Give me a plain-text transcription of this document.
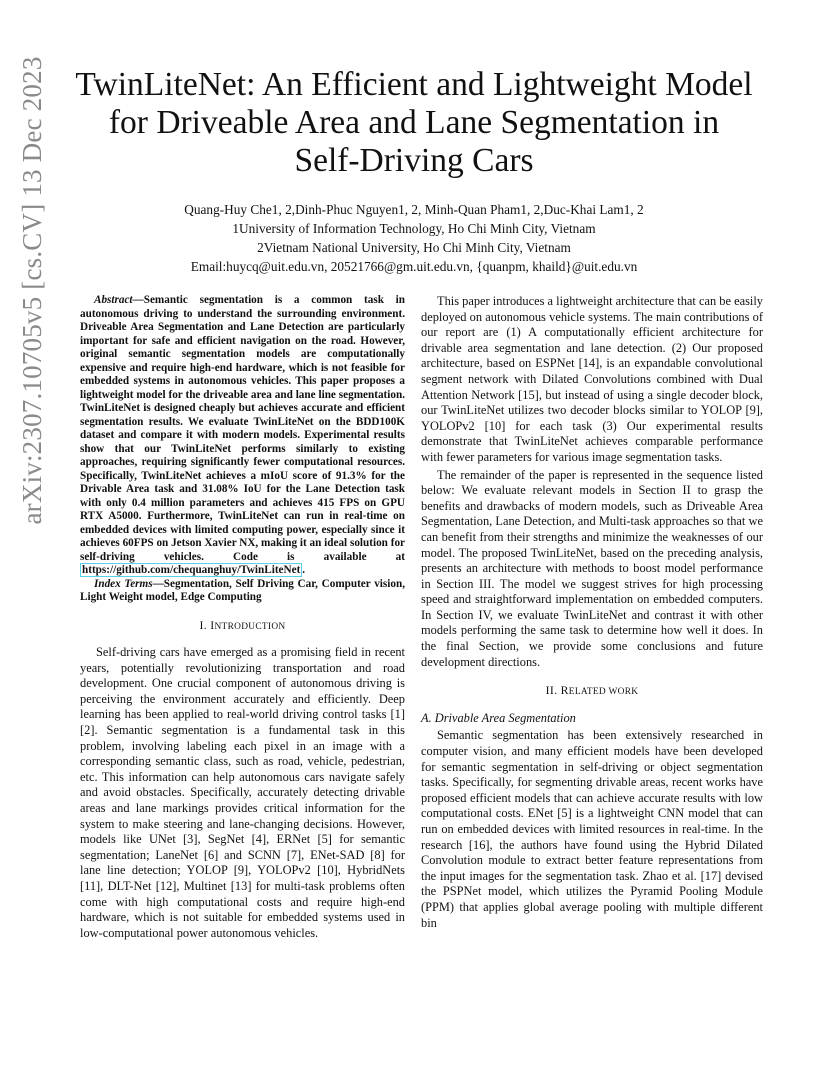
arXiv:2307.10705v5 [cs.CV] 13 Dec 2023 TwinLiteNet: An Efficient and Lightweight Model
for Driveable Area and Lane Segmentation in
Self-Driving Cars
Quang-Huy Che1, 2,Dinh-Phuc Nguyen1, 2, Minh-Quan Pham1, 2,Duc-Khai Lam1, 2
1University of Information Technology, Ho Chi Minh City, Vietnam
2Vietnam National University, Ho Chi Minh City, Vietnam
Email:huycq@uit.edu.vn, 20521766@gm.uit.edu.vn, {quanpm, khaild}@uit.edu.vn

Abstract—Semantic segmentation is a common task in autonomous driving to understand the surrounding environment. Driveable Area Segmentation and Lane Detection are particularly important for safe and efficient navigation on the road. However, original semantic segmentation models are computationally expensive and require high-end hardware, which is not feasible for embedded systems in autonomous vehicles. This paper proposes a lightweight model for the driveable area and lane line segmentation. TwinLiteNet is designed cheaply but achieves accurate and efficient segmentation results. We evaluate TwinLiteNet on the BDD100K dataset and compare it with modern models. Experimental results show that our TwinLiteNet performs similarly to existing approaches, requiring significantly fewer computational resources. Specifically, TwinLiteNet achieves a mIoU score of 91.3% for the Drivable Area task and 31.08% IoU for the Lane Detection task with only 0.4 million parameters and achieves 415 FPS on GPU RTX A5000. Furthermore, TwinLiteNet can run in real-time on embedded devices with limited computing power, especially since it achieves 60FPS on Jetson Xavier NX, making it an ideal solution for self-driving vehicles. Code is available at https://github.com/chequanghuy/TwinLiteNet .

Index Terms—Segmentation, Self Driving Car, Computer vision, Light Weight model, Edge Computing

I. INTRODUCTION

Self-driving cars have emerged as a promising field in recent years, potentially revolutionizing transportation and road development. One crucial component of autonomous driving is perceiving the environment accurately and efficiently. Deep learning has been applied to real-world driving control tasks [1] [2]. Semantic segmentation is a fundamental task in this problem, involving labeling each pixel in an image with a corresponding semantic class, such as road, vehicle, pedestrian, etc. This information can help autonomous cars navigate safely and avoid obstacles. Specifically, accurately detecting drivable areas and lane markings provides critical information for the system to make steering and lane-changing decisions. However, models like UNet [3], SegNet [4], ERNet [5] for semantic segmentation; LaneNet [6] and SCNN [7], ENet-SAD [8] for lane line detection; YOLOP [9], YOLOPv2 [10], HybridNets [11], DLT-Net [12], Multinet [13] for multi-task problems often come with high computational costs and require high-end hardware, which is not suitable for embedded systems used in low-computational power autonomous vehicles.

This paper introduces a lightweight architecture that can be easily deployed on autonomous vehicle systems. The main contributions of our report are (1) A computationally efficient architecture for drivable area segmentation and lane detection. (2) Our proposed architecture, based on ESPNet [14], is an expandable convolutional segment network with Dilated Convolutions combined with Dual Attention Network [15], but instead of using a single decoder block, our TwinLiteNet utilizes two decoder blocks similar to YOLOP [9], YOLOPv2 [10] for each task (3) Our experimental results demonstrate that TwinLiteNet achieves comparable performance with fewer parameters for various image segmentation tasks.

The remainder of the paper is represented in the sequence listed below: We evaluate relevant models in Section II to grasp the benefits and drawbacks of modern models, such as Driveable Area Segmentation, Lane Detection, and Multi-task approaches so that we can benefit from their strengths and minimize the weaknesses of our model. The proposed TwinLiteNet, based on the preceding analysis, presents an architecture with methods to boost model performance in Section III. The model we suggest strives for high processing speed and straightforward implementation on embedded computers. In Section IV, we evaluate TwinLiteNet and contrast it with other models performing the same task to determine how well it does. In the final Section, we provide some conclusions and future development directions.

II. RELATED WORK
A. Drivable Area Segmentation

Semantic segmentation has been extensively researched in computer vision, and many efficient models have been developed for semantic segmentation in self-driving or object segmentation tasks. Specifically, for segmenting drivable areas, recent works have proposed efficient models that can achieve accurate results with low computational costs. ENet [5] is a lightweight CNN model that can run on embedded devices with limited resources in real-time. In the research [16], the authors have found using the Hybrid Dilated Convolution module to extract better feature representations from the input images for the segmentation task. Zhao et al. [17] devised the PSPNet model, which utilizes the Pyramid Pooling Module (PPM) that applies global average pooling with multiple different bin
